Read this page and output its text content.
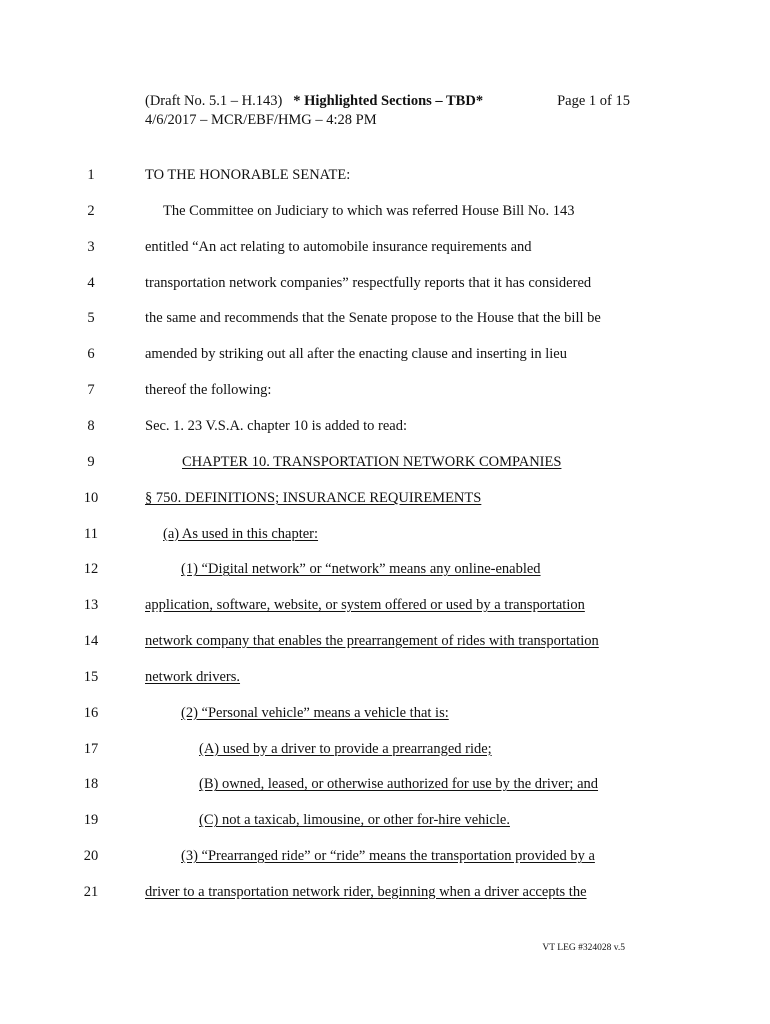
(Draft No. 5.1 – H.143) * Highlighted Sections – TBD*	Page 1 of 15
4/6/2017 – MCR/EBF/HMG – 4:28 PM
1	TO THE HONORABLE SENATE:
2	The Committee on Judiciary to which was referred House Bill No. 143
3	entitled “An act relating to automobile insurance requirements and
4	transportation network companies” respectfully reports that it has considered
5	the same and recommends that the Senate propose to the House that the bill be
6	amended by striking out all after the enacting clause and inserting in lieu
7	thereof the following:
8	Sec. 1. 23 V.S.A. chapter 10 is added to read:
9	CHAPTER 10. TRANSPORTATION NETWORK COMPANIES
10	§ 750. DEFINITIONS; INSURANCE REQUIREMENTS
11	(a) As used in this chapter:
12	(1) “Digital network” or “network” means any online-enabled
13	application, software, website, or system offered or used by a transportation
14	network company that enables the prearrangement of rides with transportation
15	network drivers.
16	(2) “Personal vehicle” means a vehicle that is:
17	(A) used by a driver to provide a prearranged ride;
18	(B) owned, leased, or otherwise authorized for use by the driver; and
19	(C) not a taxicab, limousine, or other for-hire vehicle.
20	(3) “Prearranged ride” or “ride” means the transportation provided by a
21	driver to a transportation network rider, beginning when a driver accepts the
VT LEG #324028 v.5
